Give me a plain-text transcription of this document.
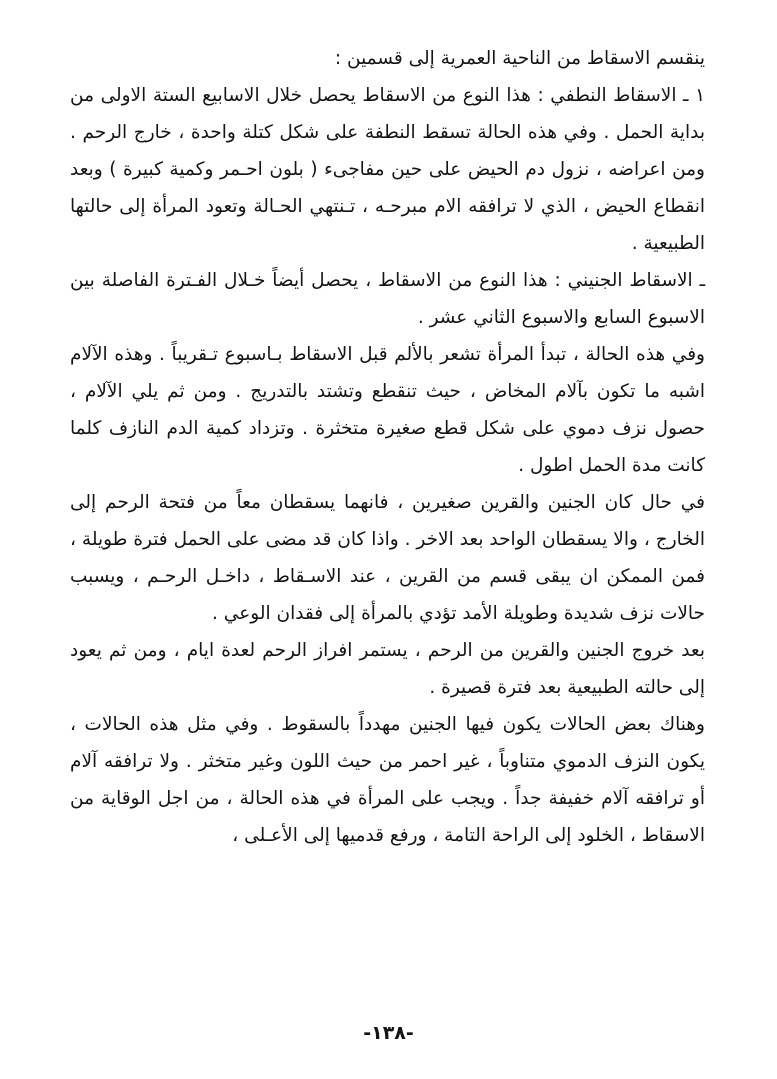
ينقسم الاسقاط من الناحية العمرية إلى قسمين :

١ ـ الاسقاط النطفي : هذا النوع من الاسقاط يحصل خلال الاسابيع الستة الاولى من بداية الحمل . وفي هذه الحالة تسقط النطفة على شكل كتلة واحدة ، خارج الرحم . ومن اعراضه ، نزول دم الحيض على حين مفاجىء ( بلون احـمر وكمية كبيرة ) وبعد انقطاع الحيض ، الذي لا ترافقه الام مبرحـه ، تـنتهي الحـالة وتعود المرأة إلى حالتها الطبيعية .

ـ الاسقاط الجنيني : هذا النوع من الاسقاط ، يحصل أيضاً خـلال الفـترة الفاصلة بين الاسبوع السابع والاسبوع الثاني عشر .

وفي هذه الحالة ، تبدأ المرأة تشعر بالألم قبل الاسقاط بـاسبوع تـقريباً . وهذه الآلام اشبه ما تكون بآلام المخاض ، حيث تنقطع وتشتد بالتدريج . ومن ثم يلي الآلام ، حصول نزف دموي على شكل قطع صغيرة متخثرة . وتزداد كمية الدم النازف كلما كانت مدة الحمل اطول .

في حال كان الجنين والقرين صغيرين ، فانهما يسقطان معاً من فتحة الرحم إلى الخارج ، والا يسقطان الواحد بعد الاخر . واذا كان قد مضى على الحمل فترة طويلة ، فمن الممكن ان يبقى قسم من القرين ، عند الاسـقاط ، داخـل الرحـم ، ويسبب حالات نزف شديدة وطويلة الأمد تؤدي بالمرأة إلى فقدان الوعي .

بعد خروج الجنين والقرين من الرحم ، يستمر افراز الرحم لعدة ايام ، ومن ثم يعود إلى حالته الطبيعية بعد فترة قصيرة .

وهناك بعض الحالات يكون فيها الجنين مهدداً بالسقوط . وفي مثل هذه الحالات ، يكون النزف الدموي متناوباً ، غير احمر من حيث اللون وغير متخثر . ولا ترافقه آلام أو ترافقه آلام خفيفة جداً . ويجب على المرأة في هذه الحالة ، من اجل الوقاية من الاسقاط ، الخلود إلى الراحة التامة ، ورفع قدميها إلى الأعـلى ،

-١٣٨-
